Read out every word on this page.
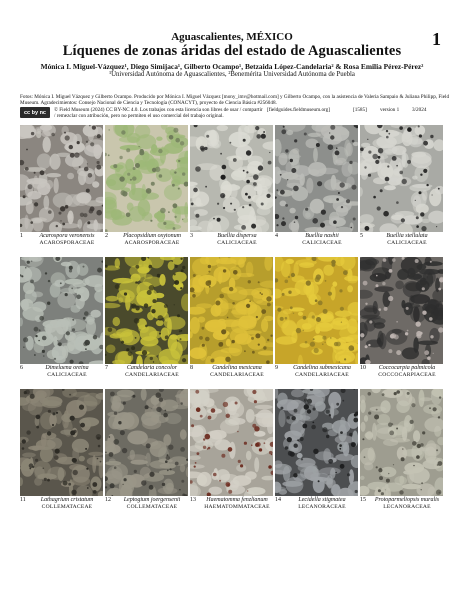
1
Aguascalientes, MÉXICO
Líquenes de zonas áridas del estado de Aguascalientes
Mónica I. Miguel-Vázquez¹, Diego Simijaca¹, Gilberto Ocampo¹, Betzaida López-Candelaria² & Rosa Emilia Pérez-Pérez²
¹Universidad Autónoma de Aguascalientes, ²Benemérita Universidad Autónoma de Puebla
Fotos: Mónica I. Miguel Vázquez y Gilberto Ocampo. Producido por Mónica I. Miguel Vázquez [mony_imv@hotmail.com] y Gilberto Ocampo, con la asistencia de Valeria Sampaio & Juliana Philipp, Field Museum. Agradecimientos: Consejo Nacional de Ciencia y Tecnología (CONACYT), proyecto de Ciencia Básica #256048.
cc by nc	© Field Museum (2024) CC BY-NC 4.0. Los trabajos con esta licencia son libres de usar / compartir / remezclar con atribución, pero no permiten el uso comercial del trabajo original.
[fieldguides.fieldmuseum.org]	[1585]	version 1 3/2024
1	Acarospora veronensis
ACAROSPORACEAE
2	Placopsidium oxytonum
ACAROSPORACEAE
3	Buellia dispersa
CALICIACEAE
4	Buellia nashii
CALICIACEAE
5	Buellia stellulata
CALICIACEAE
6	Dimelaena oreina
CALICIACEAE
7	Candelaria concolor
CANDELARIACEAE
8	Candelina mexicana
CANDELARIACEAE
9	Candelina submexicana
CANDELARIACEAE
10	Coccocarpia palmicola
COCCOCARPIACEAE
11	Lathagrium cristatum
COLLEMATACEAE
12	Leptogium joergensenii
COLLEMATACEAE
13	Haematomma fenzlianum
HAEMATOMMATACEAE
14	Lecidella stigmatea
LECANORACEAE
15	Protoparmeliopsis muralis
LECANORACEAE
